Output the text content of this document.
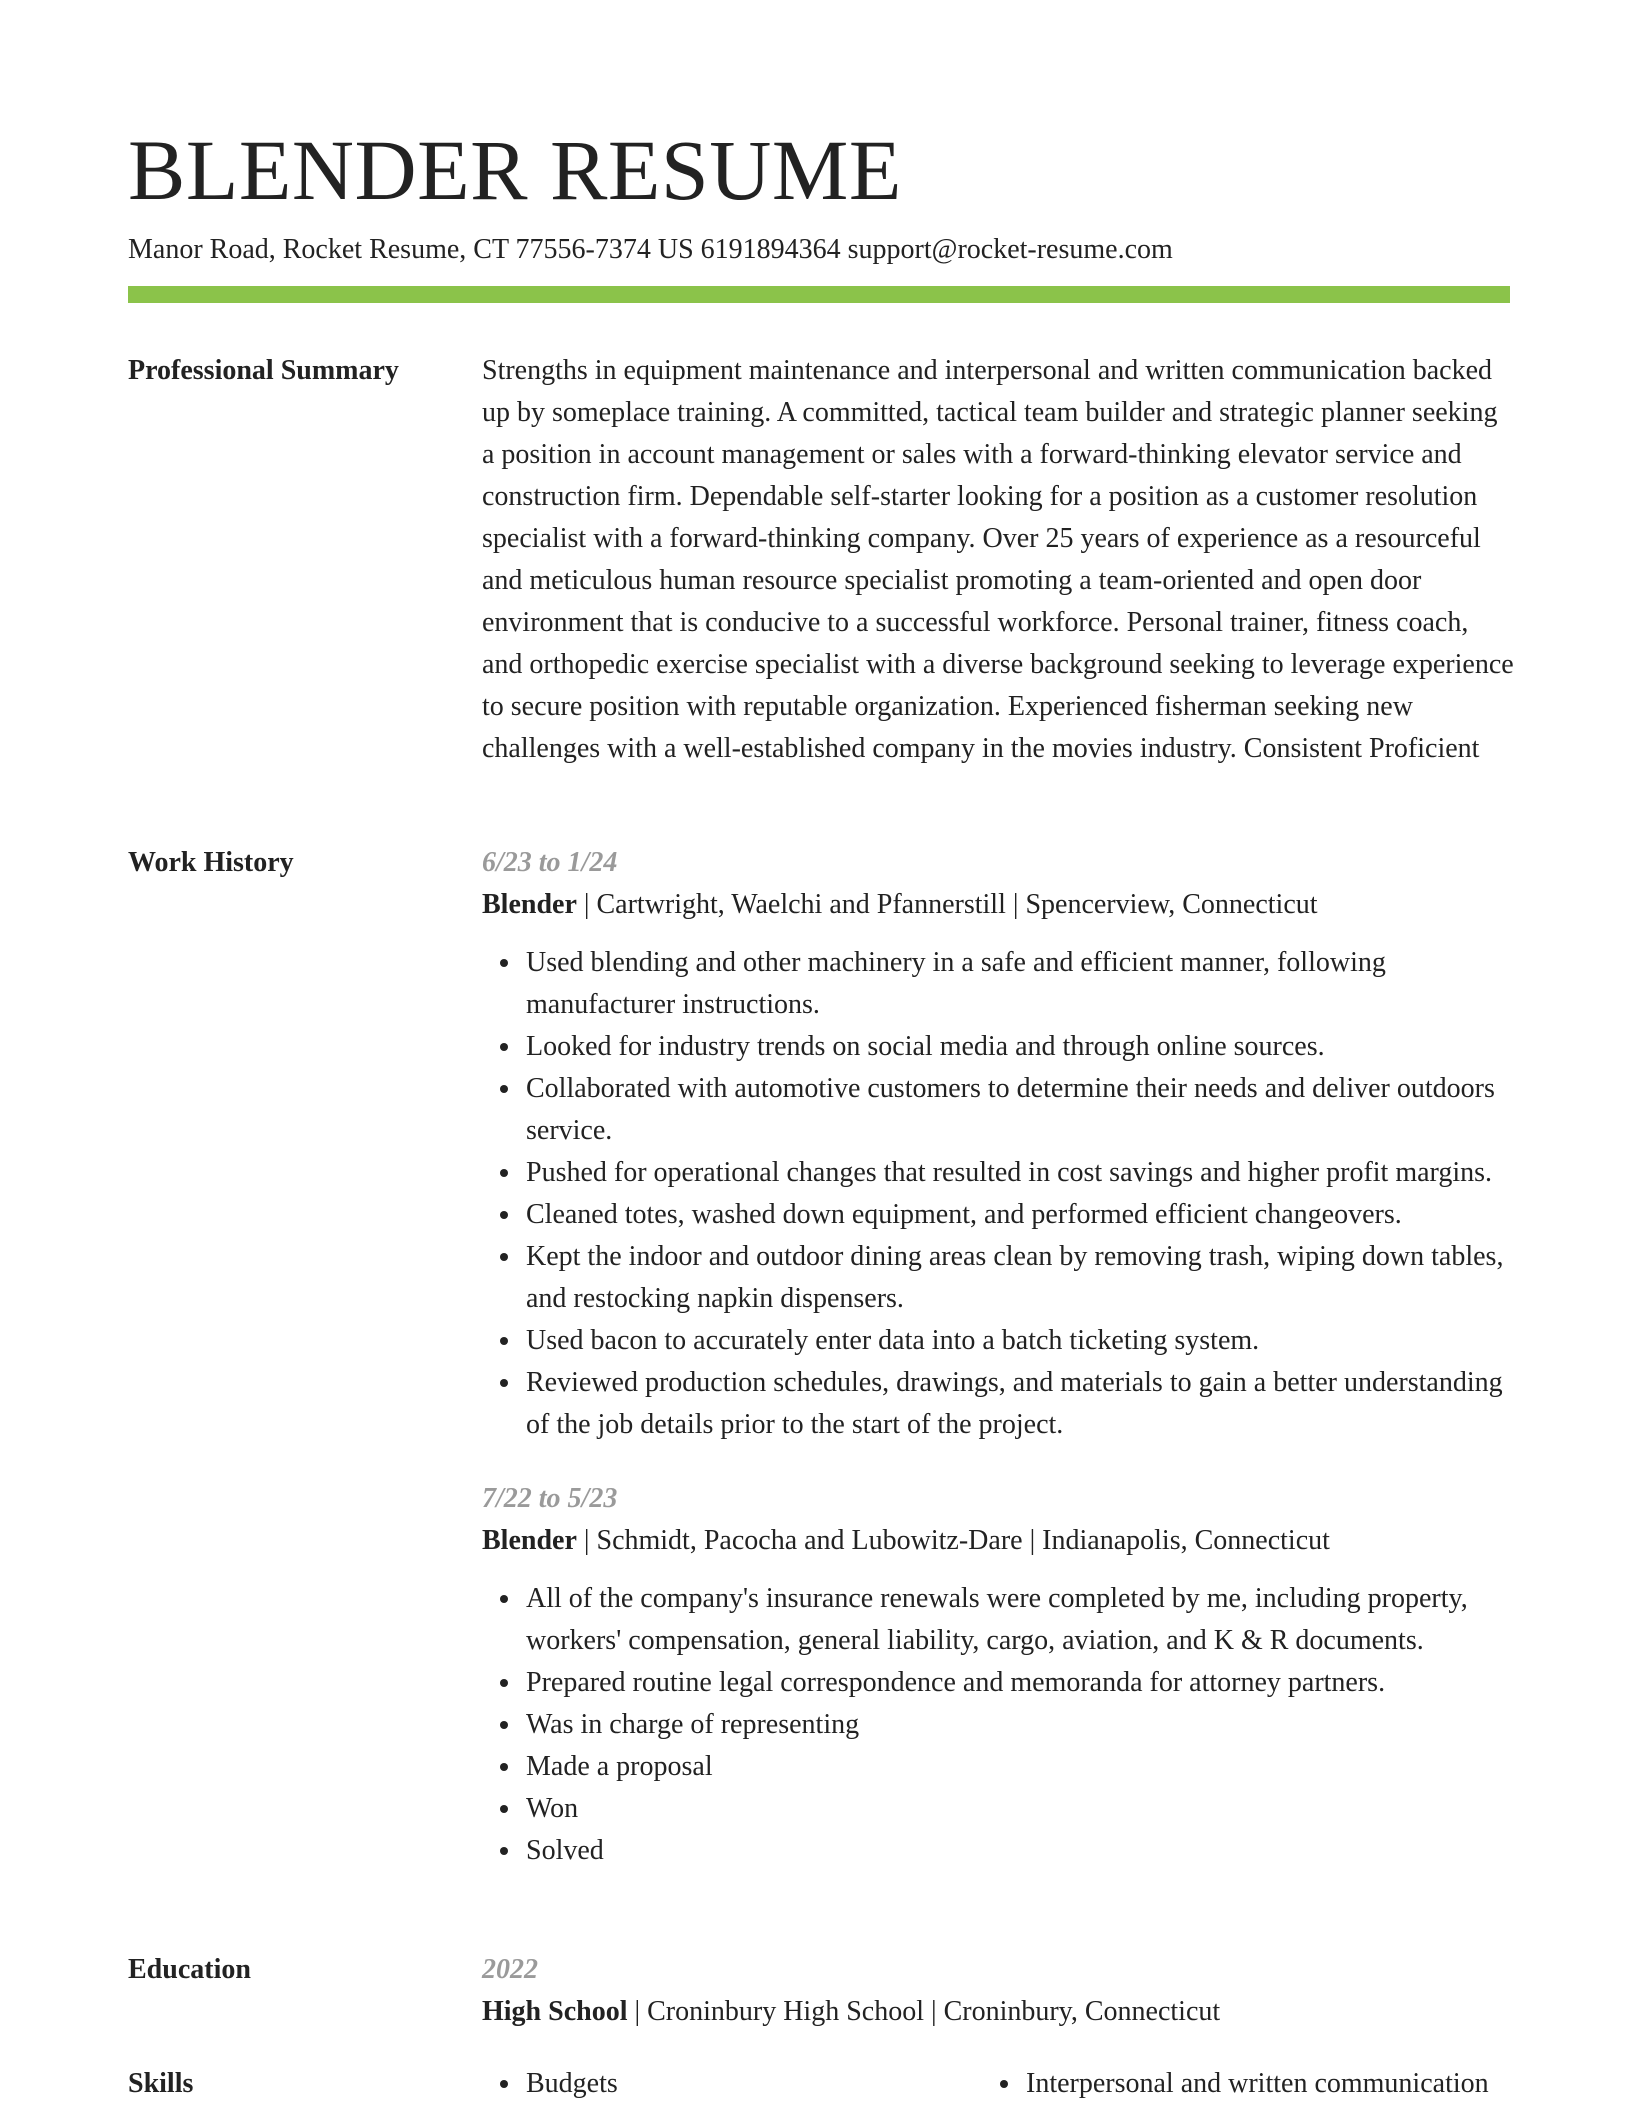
BLENDER RESUME
Manor Road, Rocket Resume, CT 77556-7374 US 6191894364 support@rocket-resume.com
Professional Summary	Strengths in equipment maintenance and interpersonal and written communication backed up by someplace training. A committed, tactical team builder and strategic planner seeking a position in account management or sales with a forward-thinking elevator service and construction firm. Dependable self-starter looking for a position as a customer resolution specialist with a forward-thinking company. Over 25 years of experience as a resourceful and meticulous human resource specialist promoting a team-oriented and open door environment that is conducive to a successful workforce. Personal trainer, fitness coach, and orthopedic exercise specialist with a diverse background seeking to leverage experience to secure position with reputable organization. Experienced fisherman seeking new challenges with a well-established company in the movies industry. Consistent Proficient

Work History	6/23 to 1/24
Blender | Cartwright, Waelchi and Pfannerstill | Spencerview, Connecticut
Used blending and other machinery in a safe and efficient manner, following manufacturer instructions.
Looked for industry trends on social media and through online sources.
Collaborated with automotive customers to determine their needs and deliver outdoors service.
Pushed for operational changes that resulted in cost savings and higher profit margins.
Cleaned totes, washed down equipment, and performed efficient changeovers.
Kept the indoor and outdoor dining areas clean by removing trash, wiping down tables, and restocking napkin dispensers.
Used bacon to accurately enter data into a batch ticketing system.
Reviewed production schedules, drawings, and materials to gain a better understanding of the job details prior to the start of the project.
7/22 to 5/23
Blender | Schmidt, Pacocha and Lubowitz-Dare | Indianapolis, Connecticut
All of the company's insurance renewals were completed by me, including property, workers' compensation, general liability, cargo, aviation, and K & R documents.
Prepared routine legal correspondence and memoranda for attorney partners.
Was in charge of representing
Made a proposal
Won
Solved
Education	2022
High School | Croninbury High School | Croninbury, Connecticut
Skills	Budgets	Interpersonal and written communication
